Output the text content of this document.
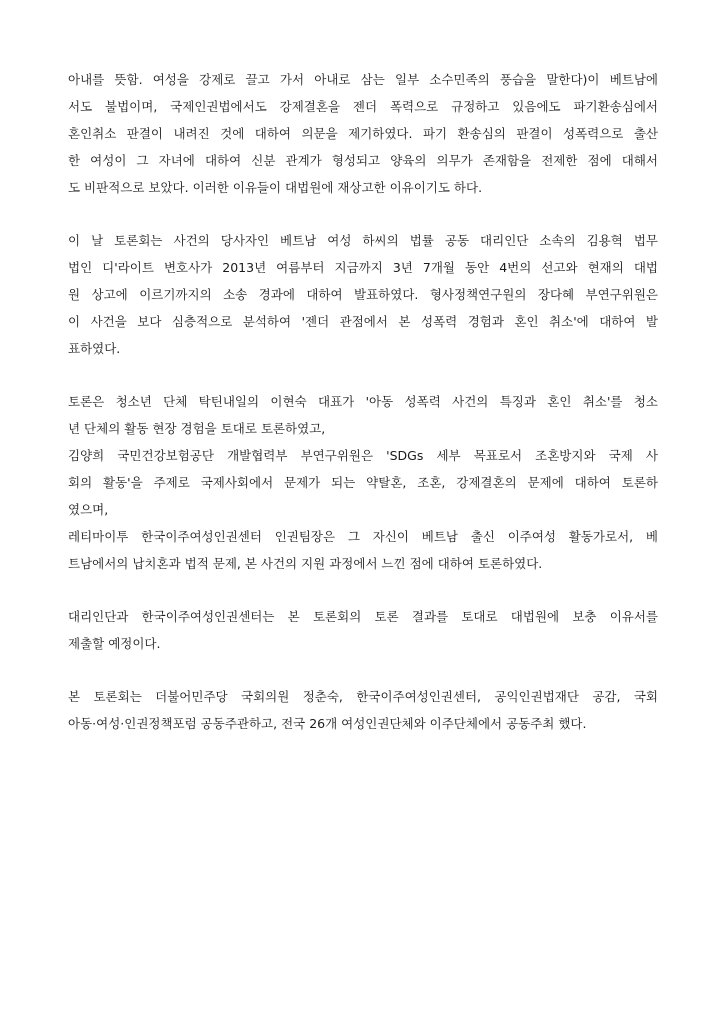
아내를 뜻함. 여성을 강제로 끌고 가서 아내로 삼는 일부 소수민족의 풍습을 말한다)이 베트남에
서도 불법이며, 국제인권법에서도 강제결혼을 젠더 폭력으로 규정하고 있음에도 파기환송심에서
혼인취소 판결이 내려진 것에 대하여 의문을 제기하였다. 파기 환송심의 판결이 성폭력으로 출산
한 여성이 그 자녀에 대하여 신분 관계가 형성되고 양육의 의무가 존재함을 전제한 점에 대해서
도 비판적으로 보았다. 이러한 이유들이 대법원에 재상고한 이유이기도 하다.

이 날 토론회는 사건의 당사자인 베트남 여성 하씨의 법률 공동 대리인단 소속의 김용혁 법무
법인 디'라이트 변호사가 2013년 여름부터 지금까지 3년 7개월 동안 4번의 선고와 현재의 대법
원 상고에 이르기까지의 소송 경과에 대하여 발표하였다. 형사정책연구원의 장다혜 부연구위원은
이 사건을 보다 심층적으로 분석하여 '젠더 관점에서 본 성폭력 경험과 혼인 취소'에 대하여 발
표하였다.

토론은 청소년 단체 탁틴내일의 이현숙 대표가 '아동 성폭력 사건의 특징과 혼인 취소'를 청소
년 단체의 활동 현장 경험을 토대로 토론하였고,
김양희 국민건강보험공단 개발협력부 부연구위원은 'SDGs 세부 목표로서 조혼방지와 국제 사
회의 활동'을 주제로 국제사회에서 문제가 되는 약탈혼, 조혼, 강제결혼의 문제에 대하여 토론하
였으며,
레티마이투 한국이주여성인권센터 인권팀장은 그 자신이 베트남 출신 이주여성 활동가로서, 베
트남에서의 납치혼과 법적 문제, 본 사건의 지원 과정에서 느낀 점에 대하여 토론하였다.

대리인단과 한국이주여성인권센터는 본 토론회의 토론 결과를 토대로 대법원에 보충 이유서를
제출할 예정이다.

본 토론회는 더불어민주당 국회의원 정춘숙, 한국이주여성인권센터, 공익인권법재단 공감, 국회
아동·여성·인권정책포럼 공동주관하고, 전국 26개 여성인권단체와 이주단체에서 공동주최 했다.
